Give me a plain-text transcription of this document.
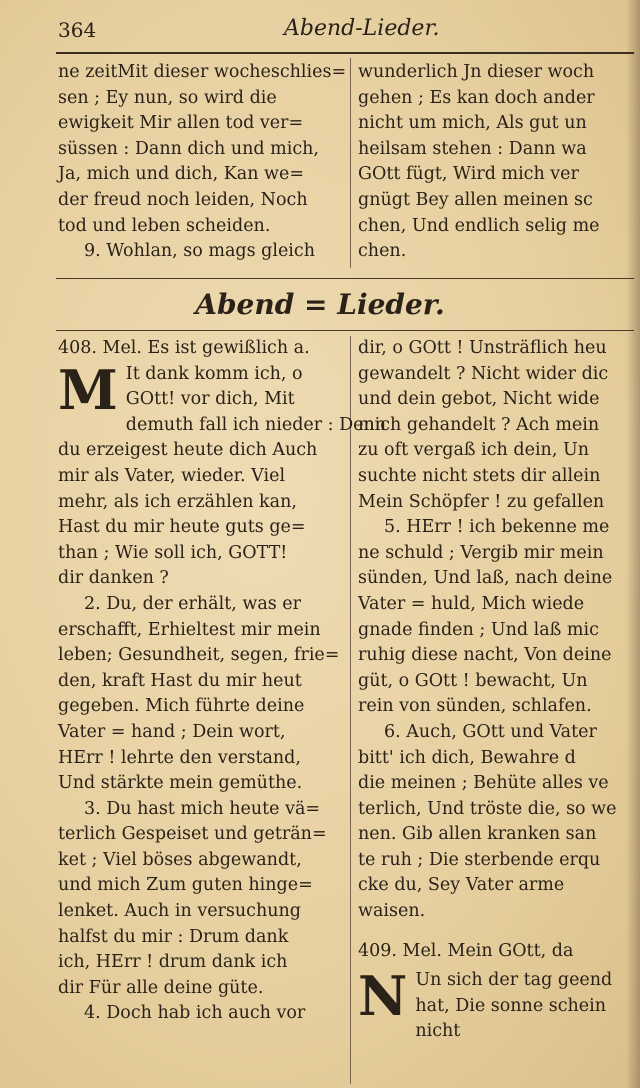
364	Abend-Lieder.
ne zeitMit dieser wocheschlies=
sen ; Ey nun, so wird die
ewigkeit Mir allen tod ver=
süssen : Dann dich und mich,
Ja, mich und dich, Kan we=
der freud noch leiden, Noch
tod und leben scheiden.
9. Wohlan, so mags gleich
wunderlich Jn dieser woch
gehen ; Es kan doch ander
nicht um mich, Als gut un
heilsam stehen : Dann wa
GOtt fügt, Wird mich ver
gnügt Bey allen meinen sc
chen, Und endlich selig me
chen.
Abend = Lieder.
408. Mel. Es ist gewißlich a.
M It dank komm ich, o
GOtt! vor dich, Mit
demuth fall ich nieder : Denn
du erzeigest heute dich Auch
mir als Vater, wieder. Viel
mehr, als ich erzählen kan,
Hast du mir heute guts ge=
than ; Wie soll ich, GOTT!
dir danken ?
2. Du, der erhält, was er
erschafft, Erhieltest mir mein
leben; Gesundheit, segen, frie=
den, kraft Hast du mir heut
gegeben. Mich führte deine
Vater = hand ; Dein wort,
HErr ! lehrte den verstand,
Und stärkte mein gemüthe.
3. Du hast mich heute vä=
terlich Gespeiset und geträn=
ket ; Viel böses abgewandt,
und mich Zum guten hinge=
lenket. Auch in versuchung
halfst du mir : Drum dank
ich, HErr ! drum dank ich
dir Für alle deine güte.
4. Doch hab ich auch vor
dir, o GOtt ! Unsträflich heu
gewandelt ? Nicht wider dic
und dein gebot, Nicht wide
mich gehandelt ? Ach mein
zu oft vergaß ich dein, Un
suchte nicht stets dir allein
Mein Schöpfer ! zu gefallen
5. HErr ! ich bekenne me
ne schuld ; Vergib mir mein
sünden, Und laß, nach deine
Vater = huld, Mich wiede
gnade finden ; Und laß mic
ruhig diese nacht, Von deine
güt, o GOtt ! bewacht, Un
rein von sünden, schlafen.
6. Auch, GOtt und Vater
bitt' ich dich, Bewahre d
die meinen ; Behüte alles ve
terlich, Und tröste die, so we
nen. Gib allen kranken san
te ruh ; Die sterbende erqu
cke du, Sey Vater arme
waisen.
409. Mel. Mein GOtt, da
N Un sich der tag geend
hat, Die sonne schein
nicht
